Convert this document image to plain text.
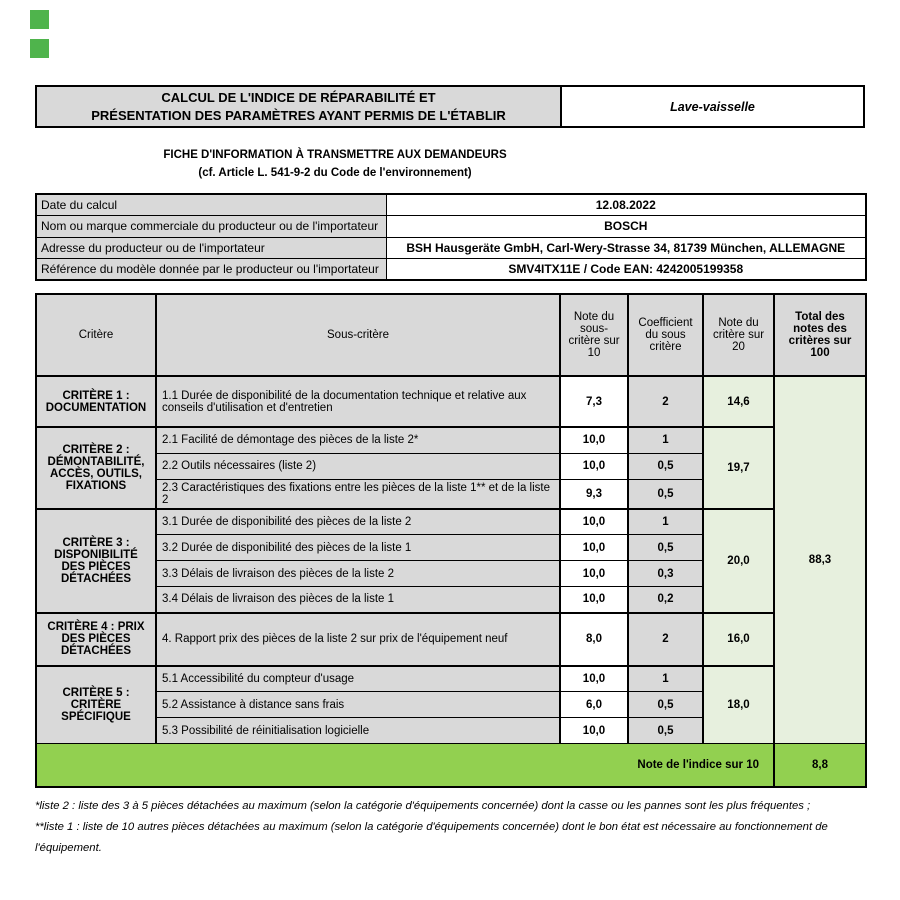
CALCUL DE L'INDICE DE RÉPARABILITÉ ET
PRÉSENTATION DES PARAMÈTRES AYANT PERMIS DE L'ÉTABLIR
Lave-vaisselle
FICHE D'INFORMATION À TRANSMETTRE AUX DEMANDEURS
(cf. Article L. 541-9-2 du Code de l'environnement)
Date du calcul	12.08.2022
Nom ou marque commerciale du producteur ou de l'importateur	BOSCH
Adresse du producteur ou de l'importateur	BSH Hausgeräte GmbH, Carl-Wery-Strasse 34, 81739 München, ALLEMAGNE
Référence du modèle donnée par le producteur ou l'importateur	SMV4ITX11E / Code EAN: 4242005199358
Critère	Sous-critère	Note du sous-critère sur 10	Coefficient du sous critère	Note du critère sur 20	Total des notes des critères sur 100
CRITÈRE 1 : DOCUMENTATION	1.1 Durée de disponibilité de la documentation technique et relative aux conseils d'utilisation et d'entretien	7,3	2	14,6	88,3
CRITÈRE 2 : DÉMONTABILITÉ, ACCÈS, OUTILS, FIXATIONS	2.1 Facilité de démontage des pièces de la liste 2*	10,0	1	19,7	
	2.2 Outils nécessaires (liste 2)	10,0	0,5		
	2.3 Caractéristiques des fixations entre les pièces de la liste 1** et de la liste 2	9,3	0,5		
CRITÈRE 3 : DISPONIBILITÉ DES PIÈCES DÉTACHÉES	3.1 Durée de disponibilité des pièces de la liste 2	10,0	1	20,0	
	3.2 Durée de disponibilité des pièces de la liste 1	10,0	0,5		
	3.3 Délais de livraison des pièces de la liste 2	10,0	0,3		
	3.4 Délais de livraison des pièces de la liste 1	10,0	0,2		
CRITÈRE 4 : PRIX DES PIÈCES DÉTACHÉES	4. Rapport prix des pièces de la liste 2 sur prix de l'équipement neuf	8,0	2	16,0	
CRITÈRE 5 : CRITÈRE SPÉCIFIQUE	5.1 Accessibilité du compteur d'usage	10,0	1	18,0	
	5.2 Assistance à distance sans frais	6,0	0,5		
	5.3 Possibilité de réinitialisation logicielle	10,0	0,5		
Note de l'indice sur 10					8,8
*liste 2 : liste des 3 à 5 pièces détachées au maximum (selon la catégorie d'équipements concernée) dont la casse ou les pannes sont les plus fréquentes ;
**liste 1 : liste de 10 autres pièces détachées au maximum (selon la catégorie d'équipements concernée) dont le bon état est nécessaire au fonctionnement de l'équipement.
